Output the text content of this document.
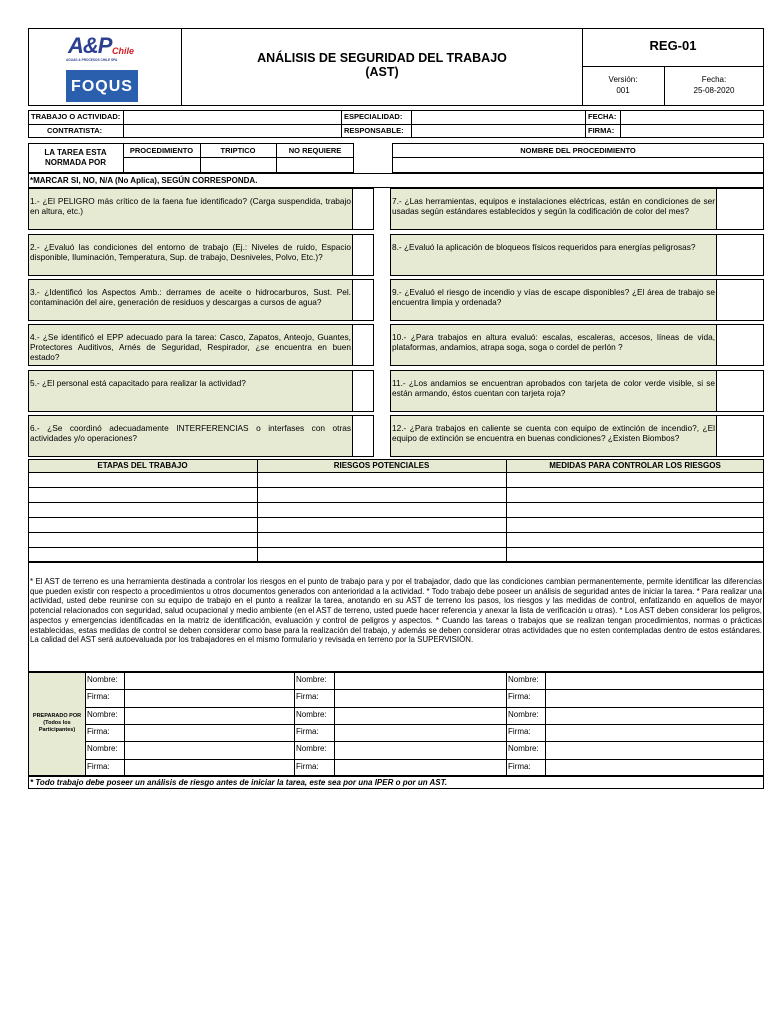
A&P Chile
AGUAS & PROCESOS CHILE SPA
FOQUS
ANÁLISIS DE SEGURIDAD DEL TRABAJO
(AST)
REG-01
Versión:
001
Fecha:
25-08-2020
TRABAJO O ACTIVIDAD:	ESPECIALIDAD:	FECHA:
CONTRATISTA:	RESPONSABLE:	FIRMA:
LA TAREA ESTA
NORMADA POR
PROCEDIMIENTO	TRIPTICO	NO REQUIERE	NOMBRE DEL PROCEDIMIENTO
*MARCAR SI, NO, N/A (No Aplica), SEGÚN CORRESPONDA.
1.- ¿El PELIGRO más crítico de la faena fue identificado? (Carga suspendida, trabajo en altura, etc.)
7.- ¿Las herramientas, equipos e instalaciones eléctricas, están en condiciones de ser usadas según estándares establecidos y según la codificación de color del mes?
2.- ¿Evaluó las condiciones del entorno de trabajo (Ej.: Niveles de ruido, Espacio disponible, Iluminación, Temperatura, Sup. de trabajo, Desniveles, Polvo, Etc.)?
8.- ¿Evaluó la aplicación de bloqueos físicos requeridos para energías peligrosas?
3.- ¿Identificó los Aspectos Amb.: derrames de aceite o hidrocarburos, Sust. Pel. contaminación del aire, generación de residuos y descargas a cursos de agua?
9.- ¿Evaluó el riesgo de incendio y vías de escape disponibles? ¿El área de trabajo se encuentra limpia y ordenada?
4.- ¿Se identificó el EPP adecuado para la tarea: Casco, Zapatos, Anteojo, Guantes, Protectores Auditivos, Arnés de Seguridad, Respirador, ¿se encuentra en buen estado?
10.- ¿Para trabajos en altura evaluó: escalas, escaleras, accesos, líneas de vida, plataformas, andamios, atrapa soga, soga o cordel de perlón ?
5.- ¿El personal está capacitado para realizar la actividad?	11.- ¿Los andamios se encuentran aprobados con tarjeta de color verde visible, si se están armando, éstos cuentan con tarjeta roja?
6.- ¿Se coordinó adecuadamente INTERFERENCIAS o interfases con otras actividades y/o operaciones?
12.- ¿Para trabajos en caliente se cuenta con equipo de extinción de incendio?, ¿El equipo de extinción se encuentra en buenas condiciones? ¿Existen Biombos?
ETAPAS DEL TRABAJO	RIESGOS POTENCIALES	MEDIDAS PARA CONTROLAR LOS RIESGOS
* El AST de terreno es una herramienta destinada a controlar los riesgos en el punto de trabajo para y por el trabajador, dado que las condiciones cambian permanentemente, permite identificar las diferencias que pueden existir con respecto a procedimientos u otros documentos generados con anterioridad a la actividad. * Todo trabajo debe poseer un análisis de seguridad antes de iniciar la tarea. * Para realizar una actividad, usted debe reunirse con su equipo de trabajo en el punto a realizar la tarea, anotando en su AST de terreno los pasos, los riesgos y las medidas de control, enfatizando en aquellos de mayor potencial relacionados con seguridad, salud ocupacional y medio ambiente (en el AST de terreno, usted puede hacer referencia y anexar la lista de verificación u otras). * Los AST deben considerar los peligros, aspectos y emergencias identificadas en la matriz de identificación, evaluación y control de peligros y aspectos. * Cuando las tareas o trabajos que se realizan tengan procedimientos, normas o prácticas establecidas, estas medidas de control se deben considerar como base para la realización del trabajo, y además se deben considerar otras actividades que no esten contempladas dentro de estos estándares. La calidad del AST será autoevaluada por los trabajadores en el mismo formulario y revisada en terreno por la SUPERVISIÓN.
Nombre:	Nombre:	Nombre:
Firma:	Firma:	Firma:
Nombre:	Nombre:	Nombre:
Firma:	Firma:	Firma:
Nombre:	Nombre:	Nombre:
Firma:	Firma:	Firma:
PREPARADO POR
(Todos los
Participantes)
* Todo trabajo debe poseer un análisis de riesgo antes de iniciar la tarea, este sea por una IPER o por un AST.
